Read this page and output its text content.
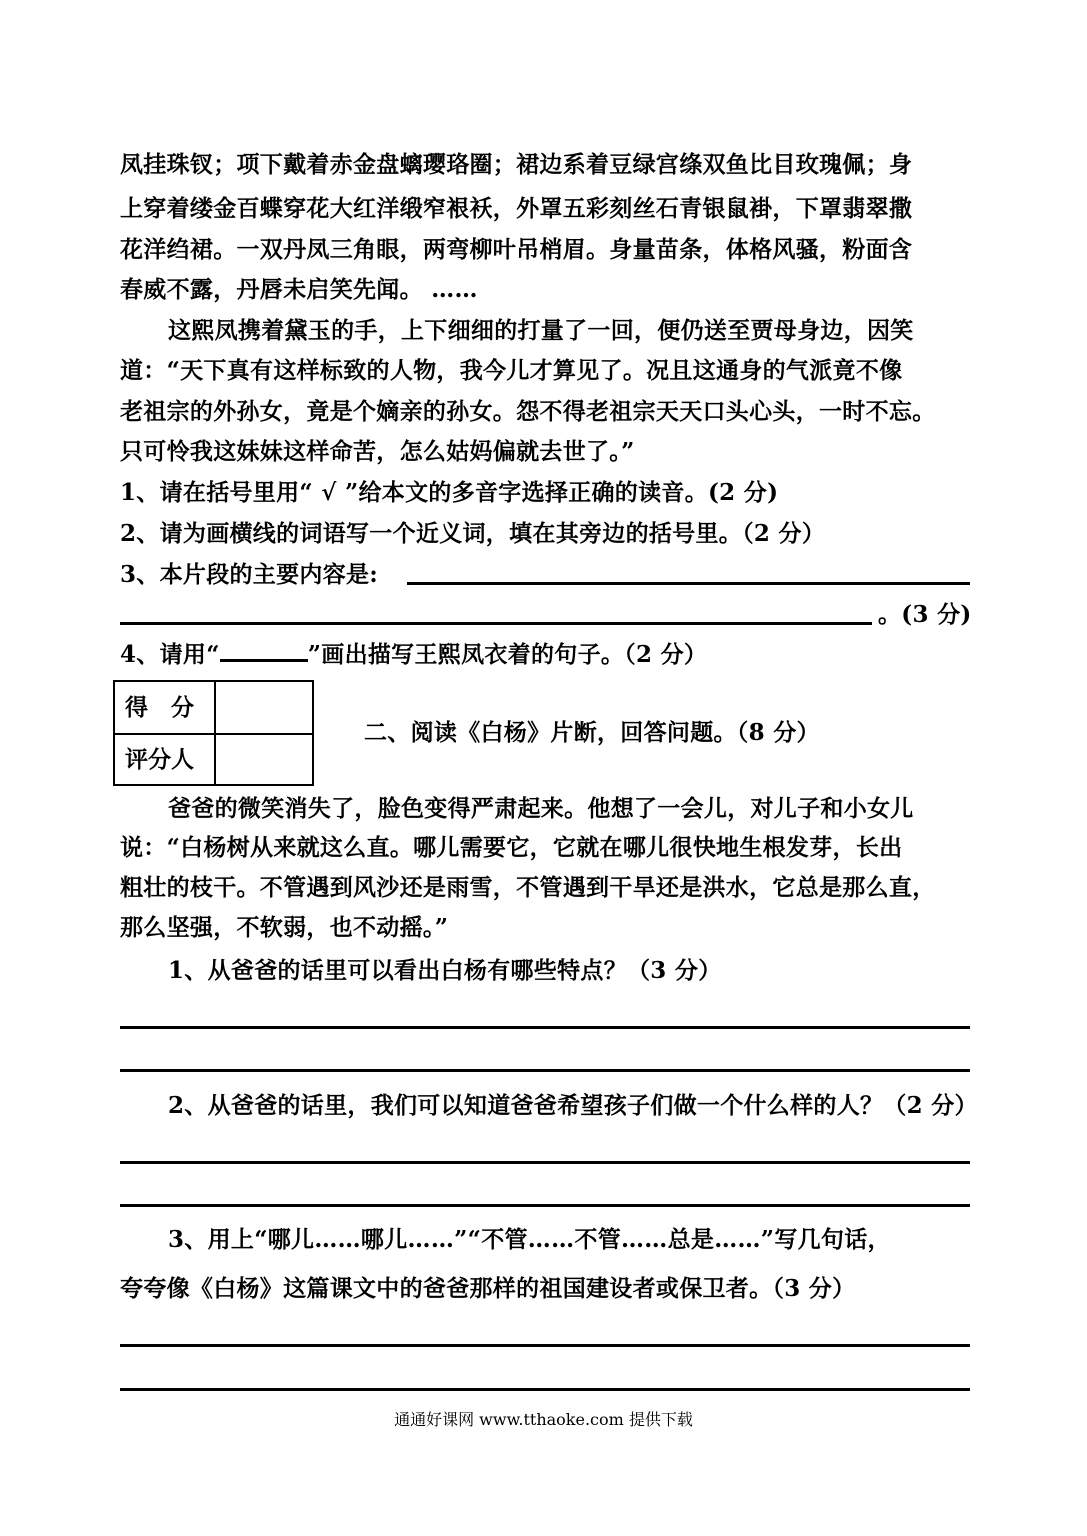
凤挂珠钗；项下戴着赤金盘螭璎珞圈；裙边系着豆绿宫绦双鱼比目玫瑰佩；身
上穿着缕金百蝶穿花大红洋缎窄裉袄，外罩五彩刻丝石青银鼠褂，下罩翡翠撒
花洋绉裙。一双丹凤三角眼，两弯柳叶吊梢眉。身量苗条，体格风骚，粉面含
春威不露，丹唇未启笑先闻。 ……
这熙凤携着黛玉的手，上下细细的打量了一回，便仍送至贾母身边，因笑
道：“天下真有这样标致的人物，我今儿才算见了。况且这通身的气派竟不像
老祖宗的外孙女，竟是个嫡亲的孙女。怨不得老祖宗天天口头心头，一时不忘。
只可怜我这妹妹这样命苦，怎么姑妈偏就去世了。”
1、请在括号里用“ √ ”给本文的多音字选择正确的读音。(2 分)
2、请为画横线的词语写一个近义词，填在其旁边的括号里。（2 分）
3、本片段的主要内容是:
。(3 分)
4、请用“	”画出描写王熙凤衣着的句子。（2 分）
得　分
评分人
二、阅读《白杨》片断，回答问题。（8 分）
爸爸的微笑消失了，脸色变得严肃起来。他想了一会儿，对儿子和小女儿
说：“白杨树从来就这么直。哪儿需要它，它就在哪儿很快地生根发芽，长出
粗壮的枝干。不管遇到风沙还是雨雪，不管遇到干旱还是洪水，它总是那么直，
那么坚强，不软弱，也不动摇。”
1、从爸爸的话里可以看出白杨有哪些特点？（3 分）
2、从爸爸的话里，我们可以知道爸爸希望孩子们做一个什么样的人？（2 分）
3、用上“哪儿……哪儿……”“不管……不管……总是……”写几句话，
夸夸像《白杨》这篇课文中的爸爸那样的祖国建设者或保卫者。（3 分）
通通好课网 www.tthaoke.com 提供下载
